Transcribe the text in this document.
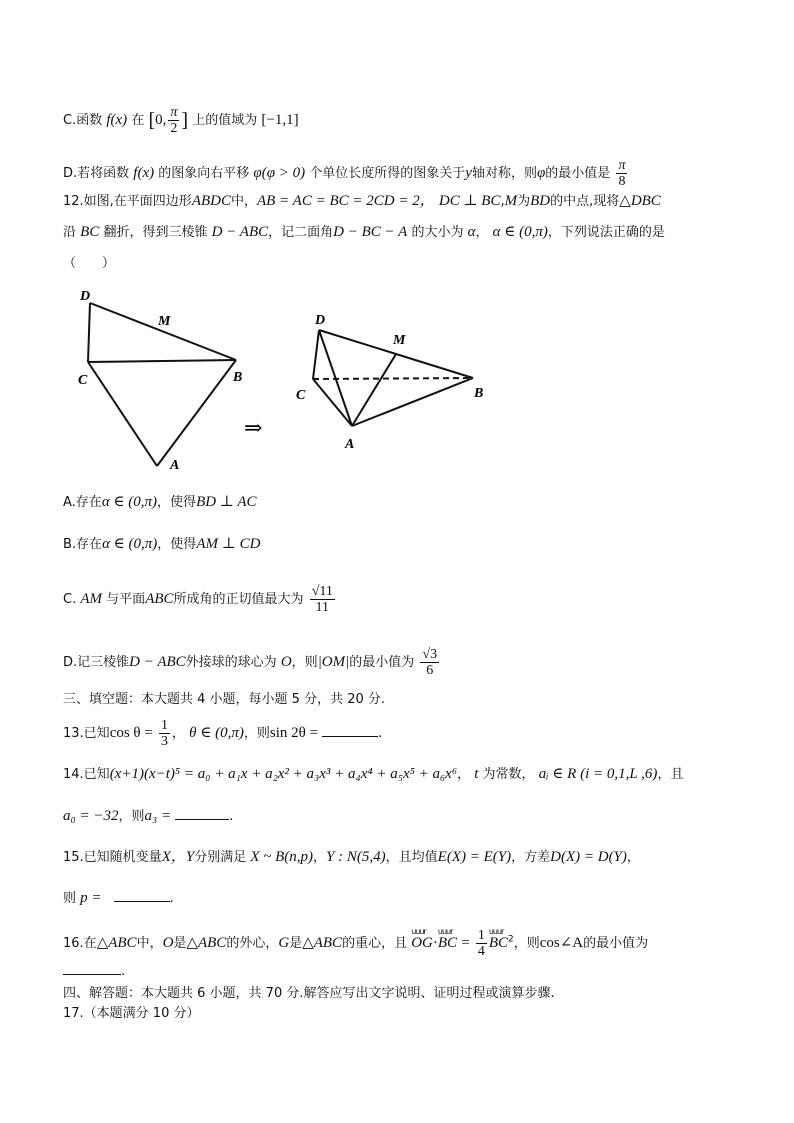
C.函数 f(x) 在 [0, $\frac{\pi}{2}$ ] 上的值域为 [−1,1]
D.若将函数 f(x) 的图象向右平移 φ(φ > 0) 个单位长度所得的图象关于y轴对称，则φ的最小值是 $\frac{\pi}{8}$
12.如图,在平面四边形ABDC中，AB = AC = BC = 2CD = 2， DC ⊥ BC,M为BD的中点,现将△DBC
沿 BC 翻折，得到三棱锥 D − ABC，记二面角D − BC − A 的大小为 α， α ∈ (0,π)，下列说法正确的是
（　　）
D
M
C	B
A
⇒
D
M
C	B
A
A.存在α ∈ (0,π)，使得BD ⊥ AC
B.存在α ∈ (0,π)，使得AM ⊥ CD
C. AM 与平面ABC所成角的正切值最大为 $\frac{√11}{11}$
D.记三棱锥D − ABC外接球的球心为 O，则|OM|的最小值为 $\frac{√3}{6}$
三、填空题：本大题共 4 小题，每小题 5 分，共 20 分.
13.已知$\cos \theta = \frac{1}{3}$ ， θ ∈ (0,π)，则sin 2θ =	.
14.已知(x+1)(x−t)⁵ = a₀ + a₁x + a₂x² + a₃x³ + a₄x⁴ + a₅x⁵ + a₆x⁶， t 为常数， aᵢ ∈ R (i = 0,1,L ,6)，且
a₀ = −32，则a₃ =	.
15.已知随机变量X，Y分别满足 X ~ B(n,p)，Y : N(5,4)，且均值E(X) = E(Y)，方差D(X) = D(Y)，
则 p =	.
16.在△ABC中，O是△ABC的外心，G是△ABC的重心，且
uuur
OG·
uuur
BC = $\frac{1}{4}$ uuur
$BC^2$，则cos∠A的最小值为
.
四、解答题：本大题共 6 小题，共 70 分.解答应写出文字说明、证明过程或演算步骤.
17.（本题满分 10 分）
